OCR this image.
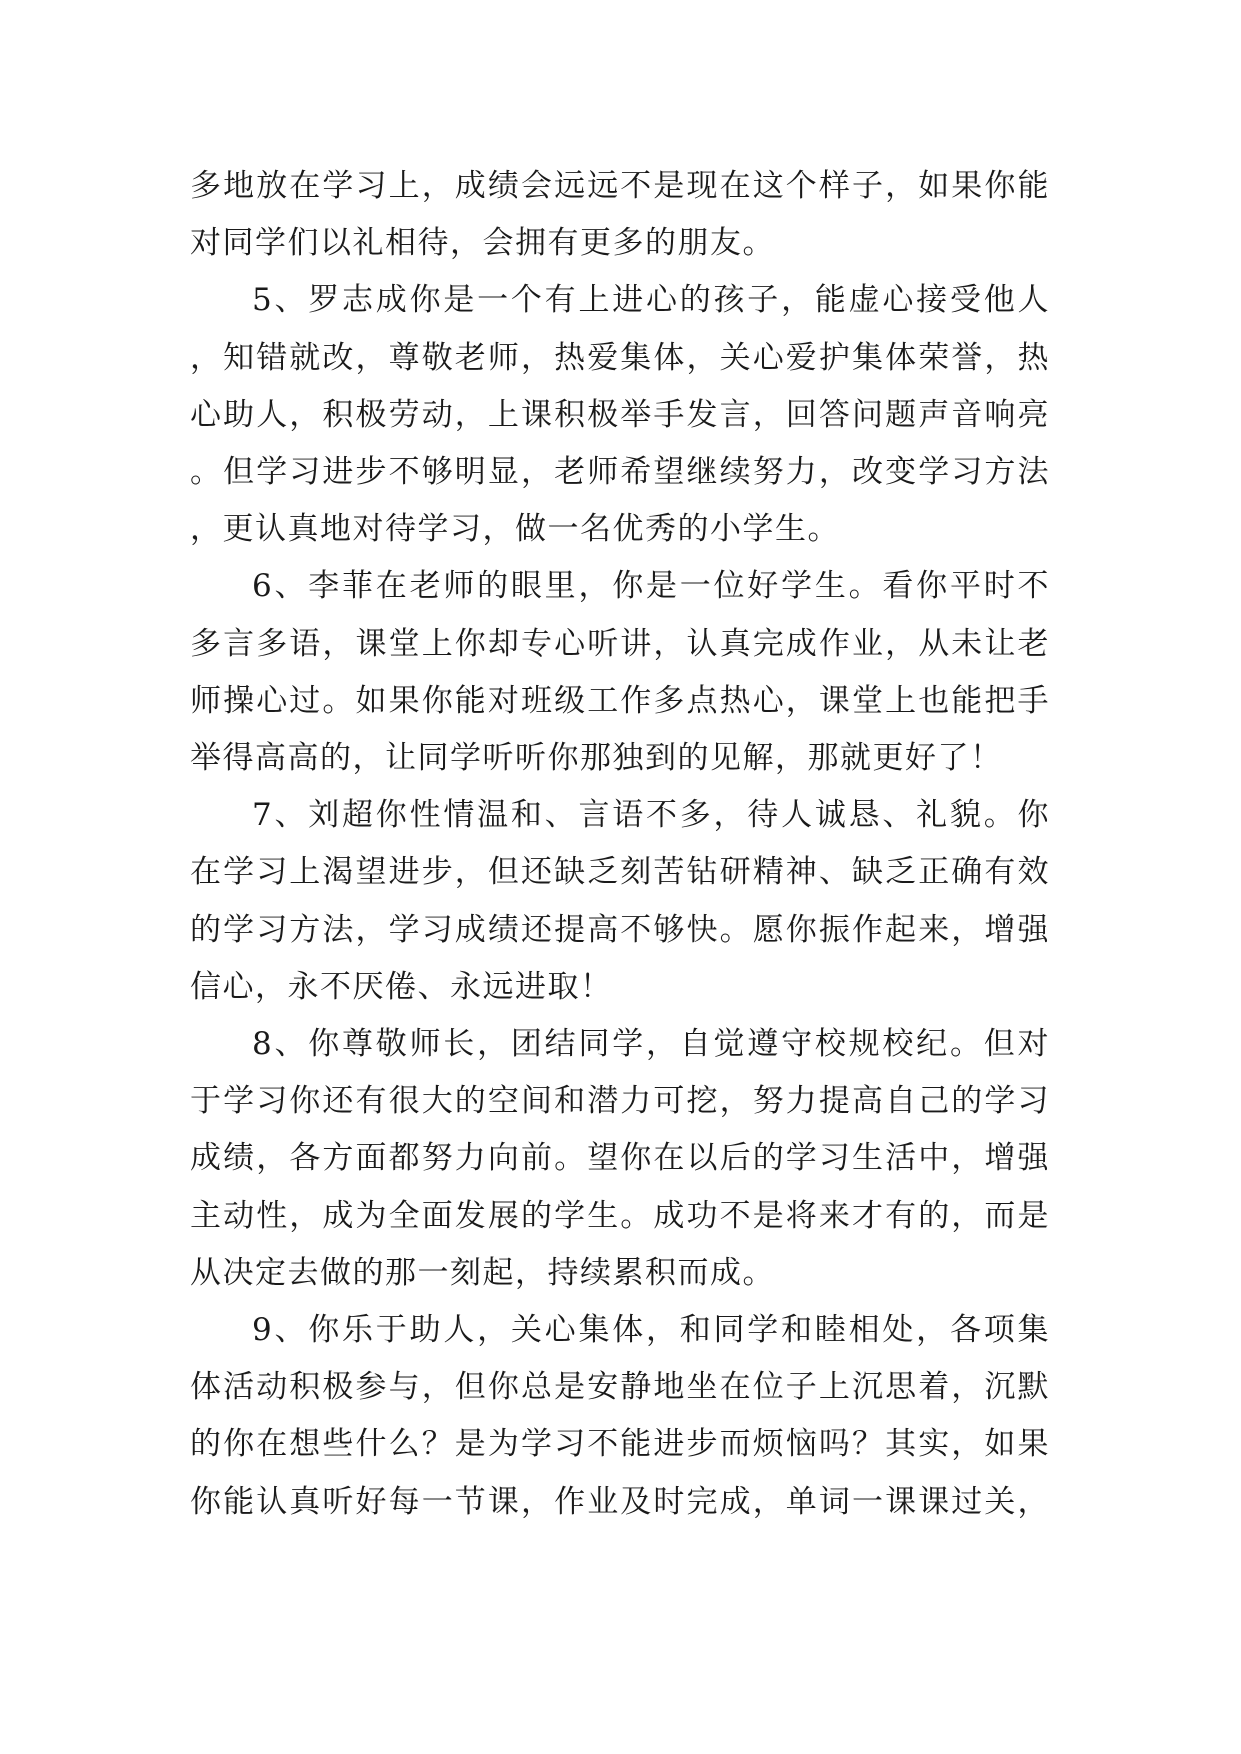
多地放在学习上，成绩会远远不是现在这个样子，如果你能对同学们以礼相待，会拥有更多的朋友。

5、罗志成你是一个有上进心的孩子，能虚心接受他人，知错就改，尊敬老师，热爱集体，关心爱护集体荣誉，热心助人，积极劳动，上课积极举手发言，回答问题声音响亮。但学习进步不够明显，老师希望继续努力，改变学习方法，更认真地对待学习，做一名优秀的小学生。

6、李菲在老师的眼里，你是一位好学生。看你平时不多言多语，课堂上你却专心听讲，认真完成作业，从未让老师操心过。如果你能对班级工作多点热心，课堂上也能把手举得高高的，让同学听听你那独到的见解，那就更好了！

7、刘超你性情温和、言语不多，待人诚恳、礼貌。你在学习上渴望进步，但还缺乏刻苦钻研精神、缺乏正确有效的学习方法，学习成绩还提高不够快。愿你振作起来，增强信心，永不厌倦、永远进取！

8、你尊敬师长，团结同学，自觉遵守校规校纪。但对于学习你还有很大的空间和潜力可挖，努力提高自己的学习成绩，各方面都努力向前。望你在以后的学习生活中，增强主动性，成为全面发展的学生。成功不是将来才有的，而是从决定去做的那一刻起，持续累积而成。

9、你乐于助人，关心集体，和同学和睦相处，各项集体活动积极参与，但你总是安静地坐在位子上沉思着，沉默的你在想些什么？是为学习不能进步而烦恼吗？其实，如果你能认真听好每一节课，作业及时完成，单词一课课过关，
